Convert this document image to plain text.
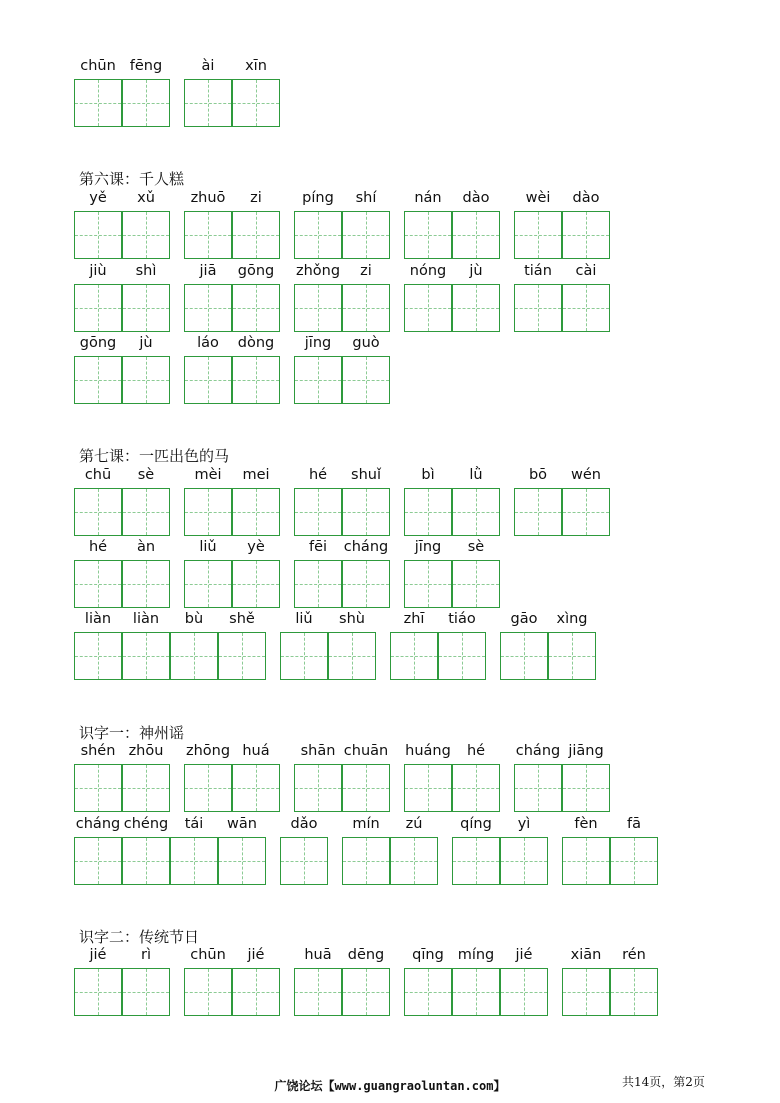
chūn fēng	ài	xīn
第六课：千人糕
yě	xǔ	zhuō	zi	píng	shí	nán	dào	wèi	dào
jiù	shì	jiā	gōng	zhǒng	zi	nóng	jù	tián	cài
gōng	jù	láo	dòng	jīng	guò
第七课：一匹出色的马
chū	sè	mèi	mei	hé	shuǐ	bì	lǜ	bō	wén
hé	àn	liǔ	yè	fēi	cháng	jīng	sè
liàn	liàn	bù	shě	liǔ	shù	zhī	tiáo	gāo	xìng
识字一：神州谣
shén zhōu	zhōng huá	shān chuān huáng	hé	cháng jiāng
cháng chéng	tái	wān	dǎo	mín	zú	qíng	yì	fèn	fā
识字二：传统节日
jié	rì	chūn	jié	huā	dēng	qīng míng	jié	xiān	rén
广饶论坛【www.guangraoluntan.com】	共14页，第2页
